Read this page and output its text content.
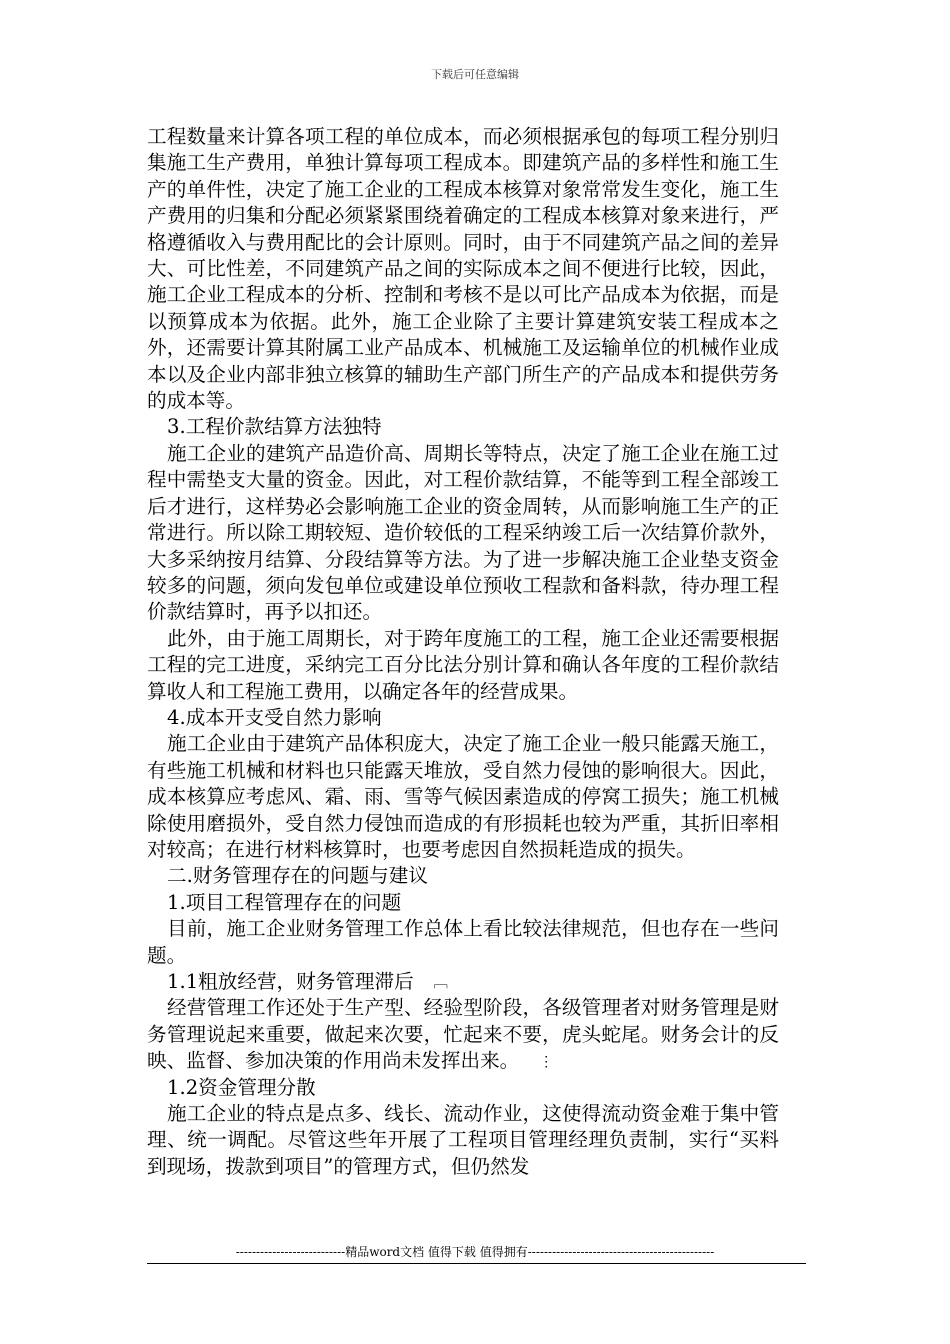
下载后可任意编辑

工程数量来计算各项工程的单位成本，而必须根据承包的每项工程分别归集施工生产费用，单独计算每项工程成本。即建筑产品的多样性和施工生产的单件性，决定了施工企业的工程成本核算对象常常发生变化，施工生产费用的归集和分配必须紧紧围绕着确定的工程成本核算对象来进行，严格遵循收入与费用配比的会计原则。同时，由于不同建筑产品之间的差异大、可比性差，不同建筑产品之间的实际成本之间不便进行比较，因此，施工企业工程成本的分析、控制和考核不是以可比产品成本为依据，而是以预算成本为依据。此外，施工企业除了主要计算建筑安装工程成本之外，还需要计算其附属工业产品成本、机械施工及运输单位的机械作业成本以及企业内部非独立核算的辅助生产部门所生产的产品成本和提供劳务的成本等。

3.工程价款结算方法独特

施工企业的建筑产品造价高、周期长等特点，决定了施工企业在施工过程中需垫支大量的资金。因此，对工程价款结算，不能等到工程全部竣工后才进行，这样势必会影响施工企业的资金周转，从而影响施工生产的正常进行。所以除工期较短、造价较低的工程采纳竣工后一次结算价款外，大多采纳按月结算、分段结算等方法。为了进一步解决施工企业垫支资金较多的问题，须向发包单位或建设单位预收工程款和备料款，待办理工程价款结算时，再予以扣还。

此外，由于施工周期长，对于跨年度施工的工程，施工企业还需要根据工程的完工进度，采纳完工百分比法分别计算和确认各年度的工程价款结算收人和工程施工费用，以确定各年的经营成果。

4.成本开支受自然力影响

施工企业由于建筑产品体积庞大，决定了施工企业一般只能露天施工，有些施工机械和材料也只能露天堆放，受自然力侵蚀的影响很大。因此，成本核算应考虑风、霜、雨、雪等气候因素造成的停窝工损失；施工机械除使用磨损外，受自然力侵蚀而造成的有形损耗也较为严重，其折旧率相对较高；在进行材料核算时，也要考虑因自然损耗造成的损失。

二.财务管理存在的问题与建议

1.项目工程管理存在的问题

目前，施工企业财务管理工作总体上看比较法律规范，但也存在一些问题。

1.1粗放经营，财务管理滞后 ﹇

经营管理工作还处于生产型、经验型阶段，各级管理者对财务管理是财务管理说起来重要，做起来次要，忙起来不要，虎头蛇尾。财务会计的反映、监督、参加决策的作用尚未发挥出来。 ⋮

1.2资金管理分散

施工企业的特点是点多、线长、流动作业，这使得流动资金难于集中管理、统一调配。尽管这些年开展了工程项目管理经理负责制，实行“买料到现场，拨款到项目”的管理方式，但仍然发

---------------------------精品word文档 值得下载 值得拥有----------------------------------------------
